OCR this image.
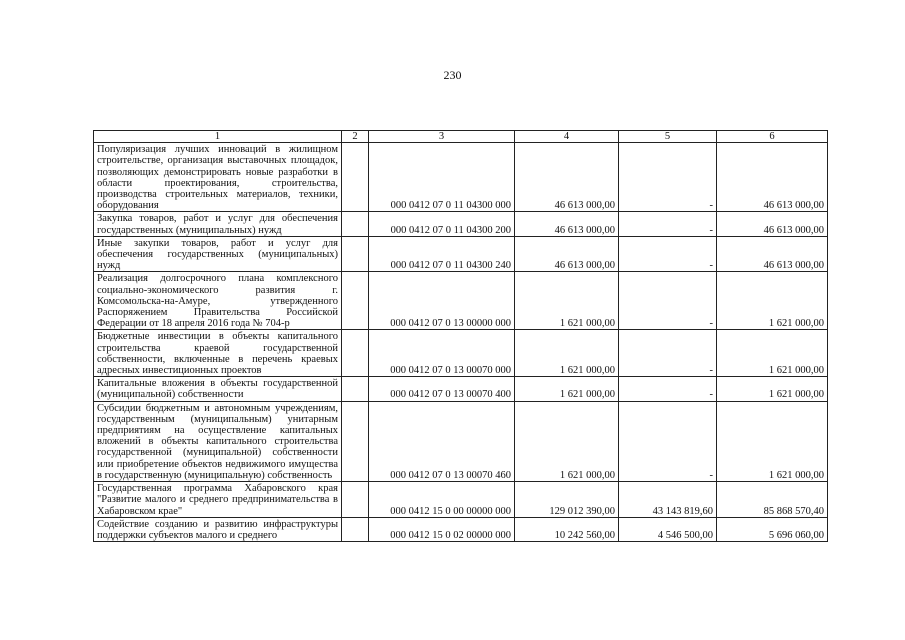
230
1	2	3	4	5	6
Популяризация лучших инноваций в жилищном строительстве, организация выставочных площадок, позволяющих демонстрировать новые разработки в области проектирования, строительства, производства строительных материалов, техники, оборудования		000 0412 07 0 11 04300 000	46 613 000,00	-	46 613 000,00
Закупка товаров, работ и услуг для обеспечения государственных (муниципальных) нужд		000 0412 07 0 11 04300 200	46 613 000,00	-	46 613 000,00
Иные закупки товаров, работ и услуг для обеспечения государственных (муниципальных) нужд		000 0412 07 0 11 04300 240	46 613 000,00	-	46 613 000,00
Реализация долгосрочного плана комплексного социально-экономического развития г. Комсомольска-на-Амуре, утвержденного Распоряжением Правительства Российской Федерации от 18 апреля 2016 года № 704-р		000 0412 07 0 13 00000 000	1 621 000,00	-	1 621 000,00
Бюджетные инвестиции в объекты капитального строительства краевой государственной собственности, включенные в перечень краевых адресных инвестиционных проектов		000 0412 07 0 13 00070 000	1 621 000,00	-	1 621 000,00
Капитальные вложения в объекты государственной (муниципальной) собственности		000 0412 07 0 13 00070 400	1 621 000,00	-	1 621 000,00
Субсидии бюджетным и автономным учреждениям, государственным (муниципальным) унитарным предприятиям на осуществление капитальных вложений в объекты капитального строительства государственной (муниципальной) собственности или приобретение объектов недвижимого имущества в государственную (муниципальную) собственность		000 0412 07 0 13 00070 460	1 621 000,00	-	1 621 000,00
Государственная программа Хабаровского края "Развитие малого и среднего предпринимательства в Хабаровском крае"		000 0412 15 0 00 00000 000	129 012 390,00	43 143 819,60	85 868 570,40
Содействие созданию и развитию инфраструктуры поддержки субъектов малого и среднего		000 0412 15 0 02 00000 000	10 242 560,00	4 546 500,00	5 696 060,00
